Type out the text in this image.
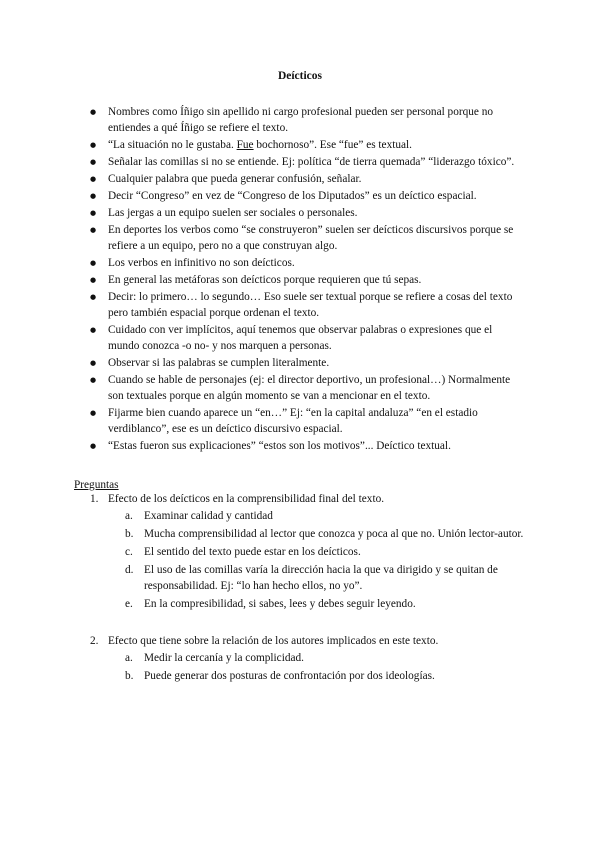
Deícticos
● Nombres como Íñigo sin apellido ni cargo profesional pueden ser personal porque no entiendes a qué Íñigo se refiere el texto.
● “La situación no le gustaba. Fue bochornoso”. Ese “fue” es textual.
● Señalar las comillas si no se entiende. Ej: política “de tierra quemada” “liderazgo tóxico”.
● Cualquier palabra que pueda generar confusión, señalar.
● Decir “Congreso” en vez de “Congreso de los Diputados” es un deíctico espacial.
● Las jergas a un equipo suelen ser sociales o personales.
● En deportes los verbos como “se construyeron” suelen ser deícticos discursivos porque se refiere a un equipo, pero no a que construyan algo.
● Los verbos en infinitivo no son deícticos.
● En general las metáforas son deícticos porque requieren que tú sepas.
● Decir: lo primero… lo segundo… Eso suele ser textual porque se refiere a cosas del texto pero también espacial porque ordenan el texto.
● Cuidado con ver implícitos, aquí tenemos que observar palabras o expresiones que el mundo conozca -o no- y nos marquen a personas.
● Observar si las palabras se cumplen literalmente.
● Cuando se hable de personajes (ej: el director deportivo, un profesional…) Normalmente son textuales porque en algún momento se van a mencionar en el texto.
● Fijarme bien cuando aparece un “en…” Ej: “en la capital andaluza” “en el estadio verdiblanco”, ese es un deíctico discursivo espacial.
● “Estas fueron sus explicaciones” “estos son los motivos”... Deíctico textual.
Preguntas
1. Efecto de los deícticos en la comprensibilidad final del texto.
a. Examinar calidad y cantidad
b. Mucha comprensibilidad al lector que conozca y poca al que no. Unión lector-autor.
c. El sentido del texto puede estar en los deícticos.
d. El uso de las comillas varía la dirección hacia la que va dirigido y se quitan de responsabilidad. Ej: “lo han hecho ellos, no yo”.
e. En la compresibilidad, si sabes, lees y debes seguir leyendo.
2. Efecto que tiene sobre la relación de los autores implicados en este texto.
a. Medir la cercanía y la complicidad.
b. Puede generar dos posturas de confrontación por dos ideologías.
